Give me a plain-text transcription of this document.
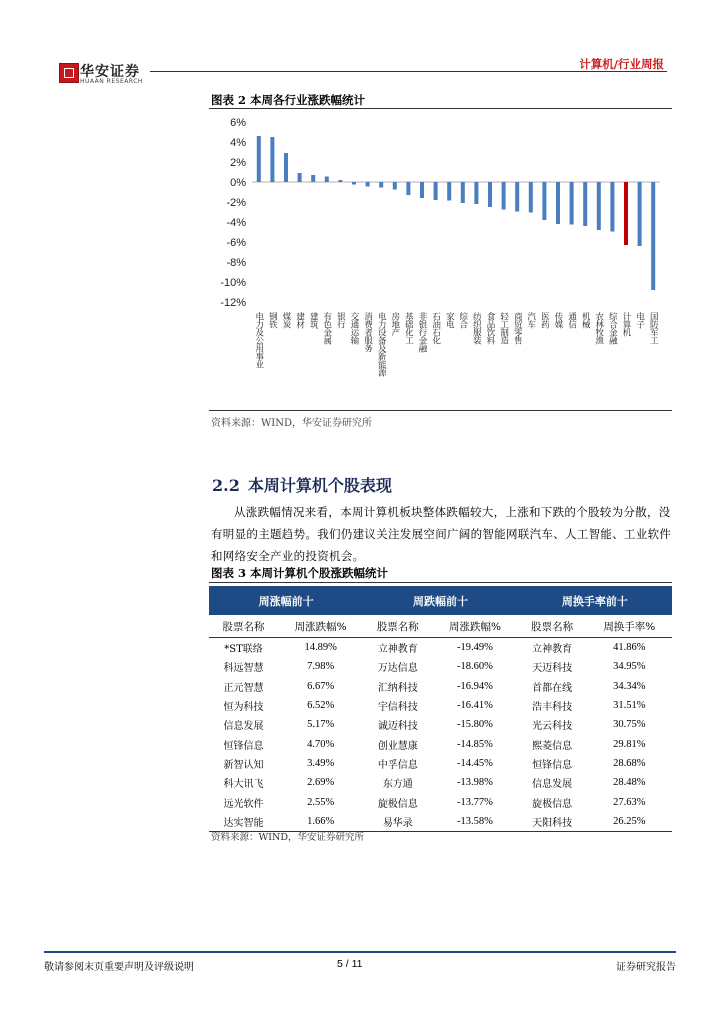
华安证券
HUAAN RESEARCH
计算机/行业周报
图表 2 本周各行业涨跌幅统计
6%
4%
2%
0%
-2%
-4%
-6%
-8%
-10%
-12%
电力及公用事业 钢铁 煤炭 建材 建筑 有色金属 银行 交通运输 消费者服务 电力设备及新能源 房地产 基础化工 非银行金融 石油石化 家电 综合 纺织服装 食品饮料 轻工制造 商贸零售 汽车 医药 传媒 通信 机械 农林牧渔 综合金融 计算机 电子 国防军工
资料来源：WIND，华安证券研究所
2.2 本周计算机个股表现
从涨跌幅情况来看，本周计算机板块整体跌幅较大，上涨和下跌的个股较为分散，没有明显的主题趋势。我们仍建议关注发展空间广阔的智能网联汽车、人工智能、工业软件和网络安全产业的投资机会。
图表 3 本周计算机个股涨跌幅统计
周涨幅前十		周跌幅前十		周换手率前十	
股票名称	周涨跌幅%	股票名称	周涨跌幅%	股票名称	周换手率%
*ST联络	14.89%	立神教育	-19.49%	立神教育	41.86%
科远智慧	7.98%	万达信息	-18.60%	天迈科技	34.95%
正元智慧	6.67%	汇纳科技	-16.94%	首都在线	34.34%
恒为科技	6.52%	宇信科技	-16.41%	浩丰科技	31.51%
信息发展	5.17%	诚迈科技	-15.80%	光云科技	30.75%
恒锋信息	4.70%	创业慧康	-14.85%	熙菱信息	29.81%
新智认知	3.49%	中孚信息	-14.45%	恒锋信息	28.68%
科大讯飞	2.69%	东方通	-13.98%	信息发展	28.48%
远光软件	2.55%	旋极信息	-13.77%	旋极信息	27.63%
达实智能	1.66%	易华录	-13.58%	天阳科技	26.25%
资料来源：WIND，华安证券研究所
敬请参阅末页重要声明及评级说明	5 / 11	证券研究报告
